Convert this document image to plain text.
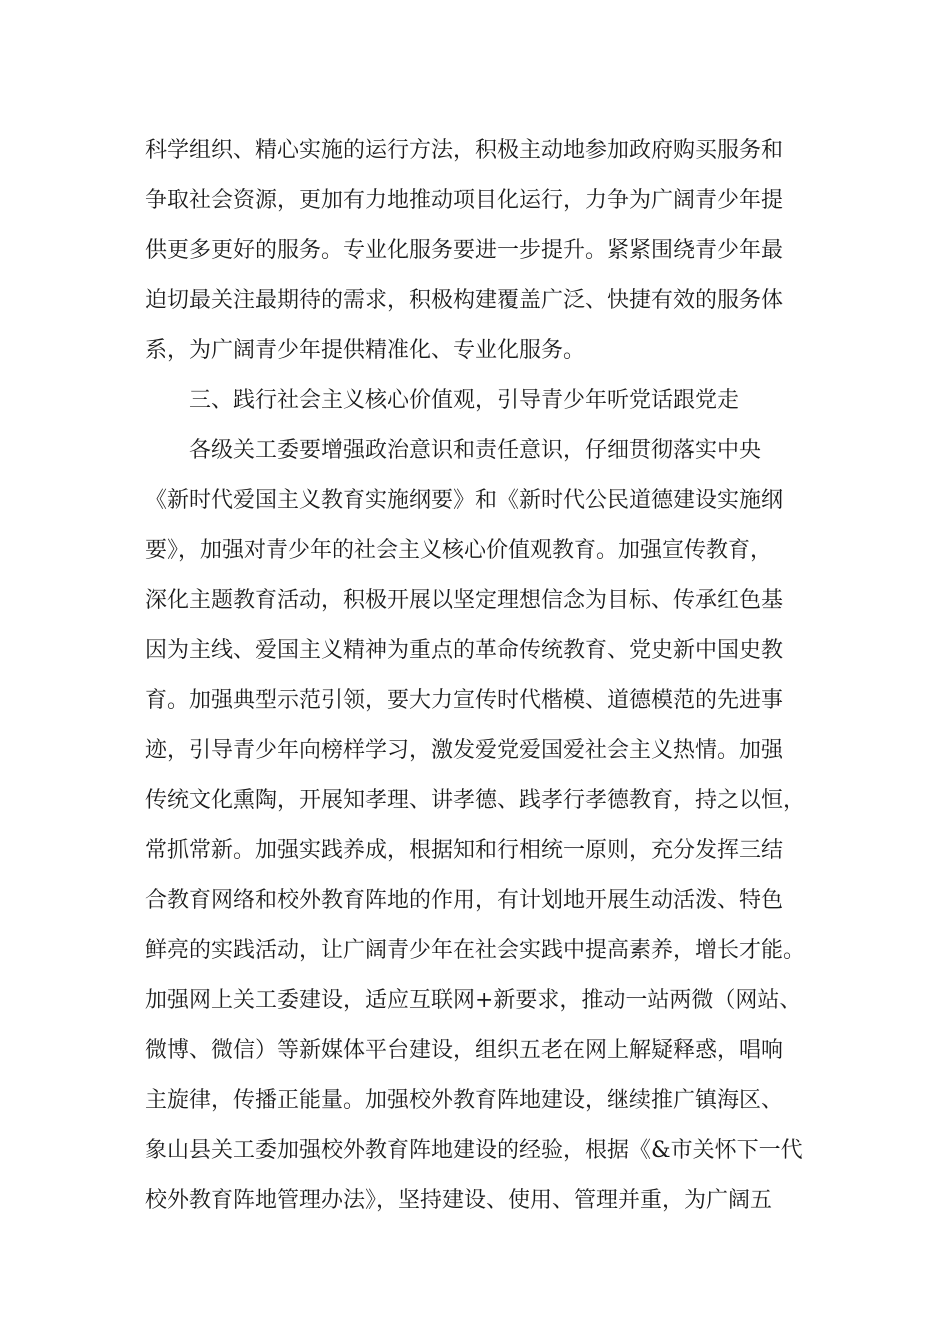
科学组织、精心实施的运行方法，积极主动地参加政府购买服务和
争取社会资源，更加有力地推动项目化运行，力争为广阔青少年提
供更多更好的服务。专业化服务要进一步提升。紧紧围绕青少年最
迫切最关注最期待的需求，积极构建覆盖广泛、快捷有效的服务体
系，为广阔青少年提供精准化、专业化服务。
三、践行社会主义核心价值观，引导青少年听党话跟党走
各级关工委要增强政治意识和责任意识，仔细贯彻落实中央
《新时代爱国主义教育实施纲要》和《新时代公民道德建设实施纲
要》，加强对青少年的社会主义核心价值观教育。加强宣传教育，
深化主题教育活动，积极开展以坚定理想信念为目标、传承红色基
因为主线、爱国主义精神为重点的革命传统教育、党史新中国史教
育。加强典型示范引领，要大力宣传时代楷模、道德模范的先进事
迹，引导青少年向榜样学习，激发爱党爱国爱社会主义热情。加强
传统文化熏陶，开展知孝理、讲孝德、践孝行孝德教育，持之以恒，
常抓常新。加强实践养成，根据知和行相统一原则，充分发挥三结
合教育网络和校外教育阵地的作用，有计划地开展生动活泼、特色
鲜亮的实践活动，让广阔青少年在社会实践中提高素养，增长才能。
加强网上关工委建设，适应互联网+新要求，推动一站两微（网站、
微博、微信）等新媒体平台建设，组织五老在网上解疑释惑，唱响
主旋律，传播正能量。加强校外教育阵地建设，继续推广镇海区、
象山县关工委加强校外教育阵地建设的经验，根据《&市关怀下一代
校外教育阵地管理办法》，坚持建设、使用、管理并重，为广阔五
